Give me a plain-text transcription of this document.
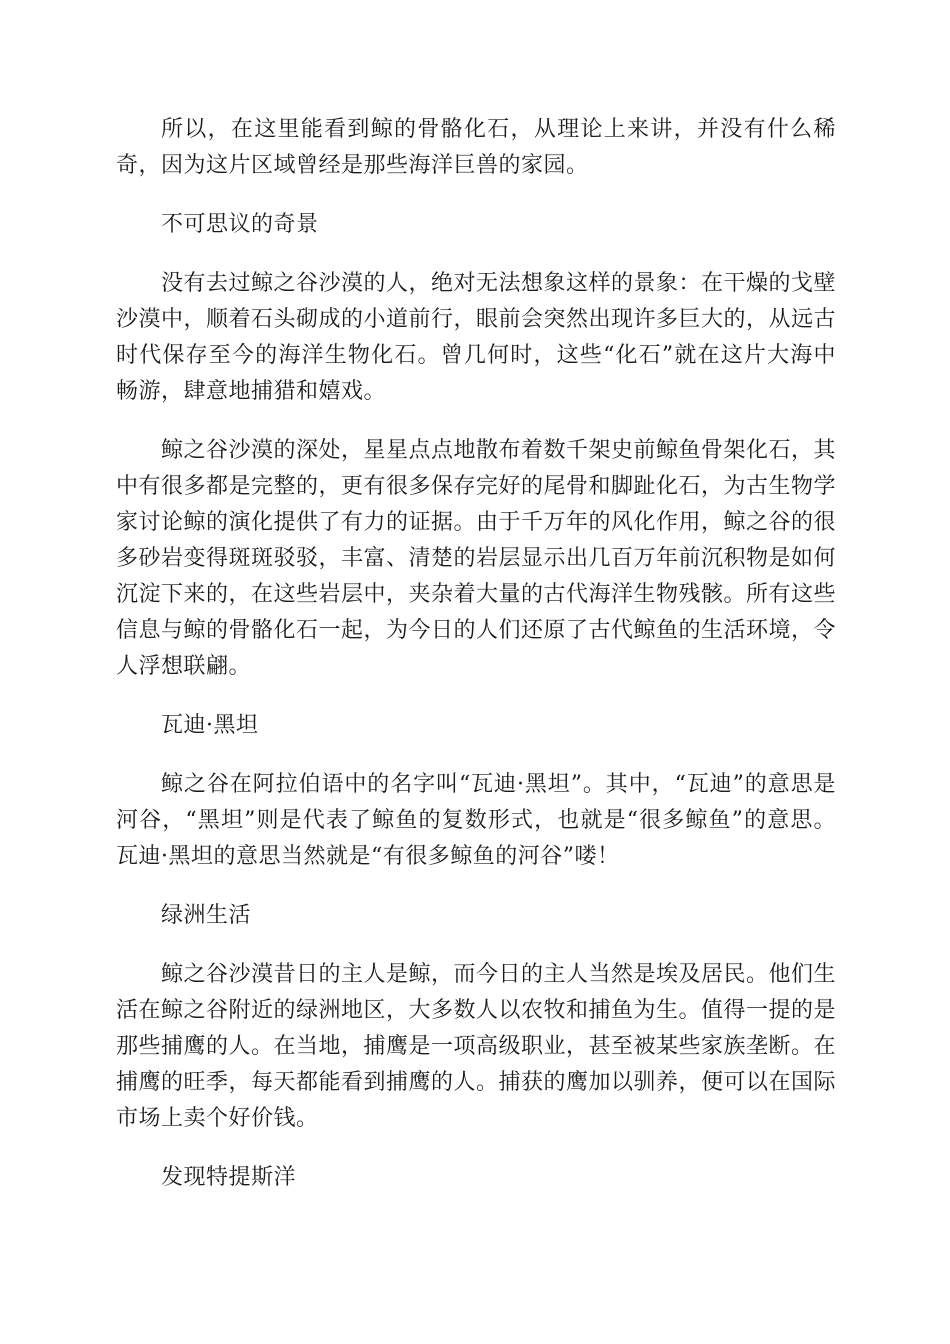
所以，在这里能看到鲸的骨骼化石，从理论上来讲，并没有什么稀奇，因为这片区域曾经是那些海洋巨兽的家园。

不可思议的奇景

没有去过鲸之谷沙漠的人，绝对无法想象这样的景象：在干燥的戈壁沙漠中，顺着石头砌成的小道前行，眼前会突然出现许多巨大的，从远古时代保存至今的海洋生物化石。曾几何时，这些“化石”就在这片大海中畅游，肆意地捕猎和嬉戏。

鲸之谷沙漠的深处，星星点点地散布着数千架史前鲸鱼骨架化石，其中有很多都是完整的，更有很多保存完好的尾骨和脚趾化石，为古生物学家讨论鲸的演化提供了有力的证据。由于千万年的风化作用，鲸之谷的很多砂岩变得斑斑驳驳，丰富、清楚的岩层显示出几百万年前沉积物是如何沉淀下来的，在这些岩层中，夹杂着大量的古代海洋生物残骸。所有这些信息与鲸的骨骼化石一起，为今日的人们还原了古代鲸鱼的生活环境，令人浮想联翩。

瓦迪·黑坦

鲸之谷在阿拉伯语中的名字叫“瓦迪·黑坦”。其中，“瓦迪”的意思是河谷，“黑坦”则是代表了鲸鱼的复数形式，也就是“很多鲸鱼”的意思。瓦迪·黑坦的意思当然就是“有很多鲸鱼的河谷”喽！

绿洲生活

鲸之谷沙漠昔日的主人是鲸，而今日的主人当然是埃及居民。他们生活在鲸之谷附近的绿洲地区，大多数人以农牧和捕鱼为生。值得一提的是那些捕鹰的人。在当地，捕鹰是一项高级职业，甚至被某些家族垄断。在捕鹰的旺季，每天都能看到捕鹰的人。捕获的鹰加以驯养，便可以在国际市场上卖个好价钱。

发现特提斯洋
